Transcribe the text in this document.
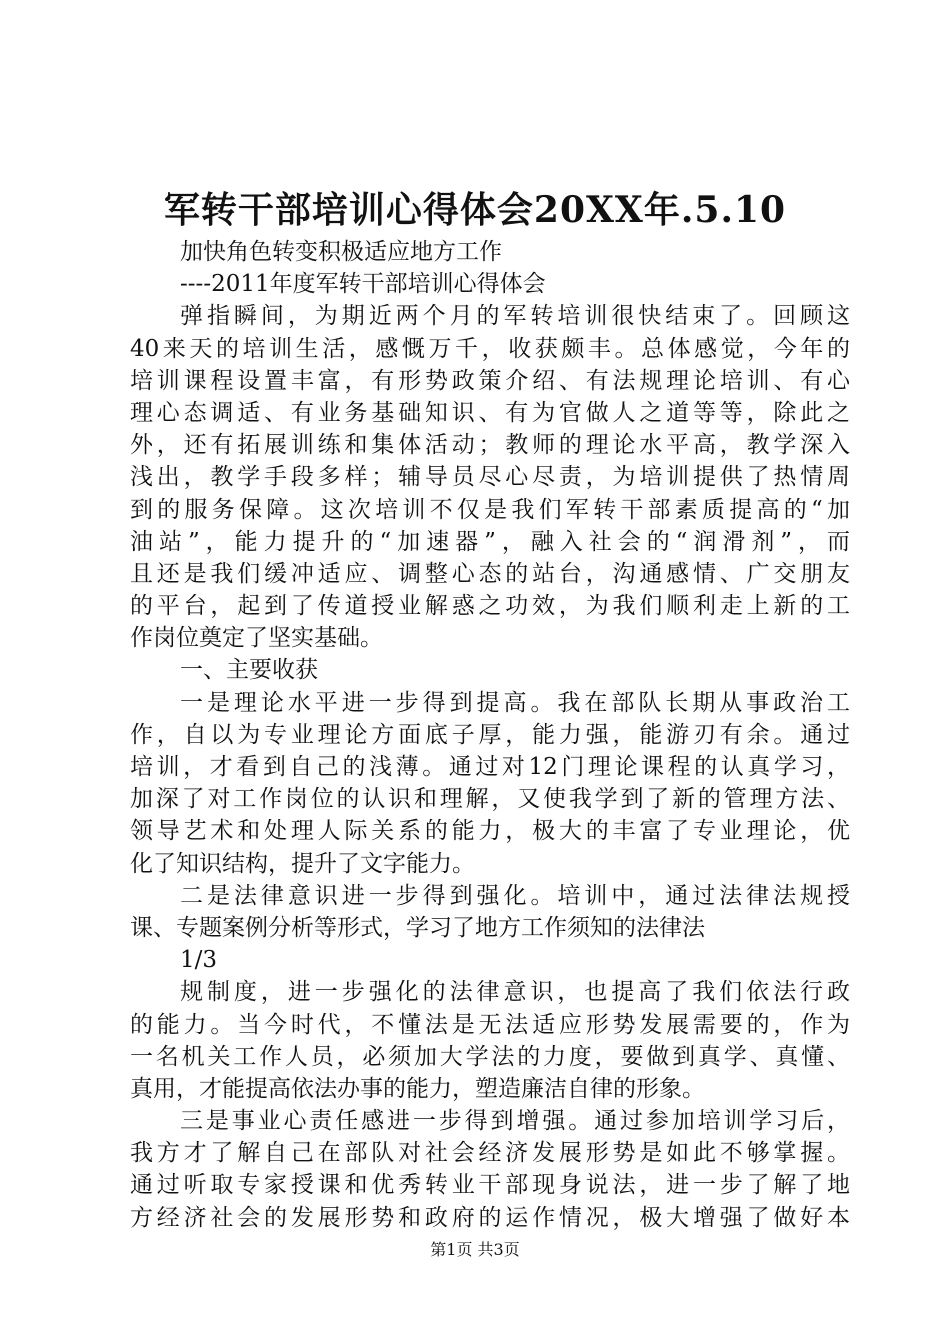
军转干部培训心得体会20XX年.5.10
加快角色转变积极适应地方工作
----2011年度军转干部培训心得体会
弹指瞬间，为期近两个月的军转培训很快结束了。回顾这
40来天的培训生活，感慨万千，收获颇丰。总体感觉，今年的
培训课程设置丰富，有形势政策介绍、有法规理论培训、有心
理心态调适、有业务基础知识、有为官做人之道等等，除此之
外，还有拓展训练和集体活动；教师的理论水平高，教学深入
浅出，教学手段多样；辅导员尽心尽责，为培训提供了热情周
到的服务保障。这次培训不仅是我们军转干部素质提高的“加
油站”，能力提升的“加速器”，融入社会的“润滑剂”，而
且还是我们缓冲适应、调整心态的站台，沟通感情、广交朋友
的平台，起到了传道授业解惑之功效，为我们顺利走上新的工
作岗位奠定了坚实基础。
一、主要收获
一是理论水平进一步得到提高。我在部队长期从事政治工
作，自以为专业理论方面底子厚，能力强，能游刃有余。通过
培训，才看到自己的浅薄。通过对12门理论课程的认真学习，
加深了对工作岗位的认识和理解，又使我学到了新的管理方法、
领导艺术和处理人际关系的能力，极大的丰富了专业理论，优
化了知识结构，提升了文字能力。
二是法律意识进一步得到强化。培训中，通过法律法规授
课、专题案例分析等形式，学习了地方工作须知的法律法
1/3
规制度，进一步强化的法律意识，也提高了我们依法行政
的能力。当今时代，不懂法是无法适应形势发展需要的，作为
一名机关工作人员，必须加大学法的力度，要做到真学、真懂、
真用，才能提高依法办事的能力，塑造廉洁自律的形象。
三是事业心责任感进一步得到增强。通过参加培训学习后，
我方才了解自己在部队对社会经济发展形势是如此不够掌握。
通过听取专家授课和优秀转业干部现身说法，进一步了解了地
方经济社会的发展形势和政府的运作情况，极大增强了做好本
第1页 共3页
